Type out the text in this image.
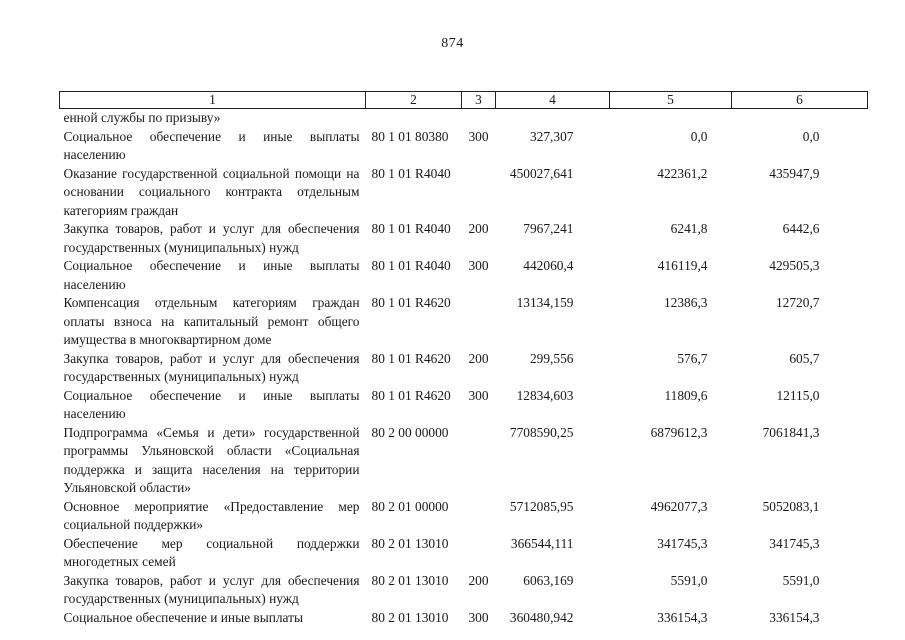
874
1	2	3	4	5	6
енной службы по призыву»					
Социальное обеспечение и иные выплаты населению	80 1 01 80380	300	327,307	0,0	0,0
Оказание государственной социальной помощи на основании социального контракта отдельным категориям граждан	80 1 01 R4040		450027,641	422361,2	435947,9
Закупка товаров, работ и услуг для обеспечения государственных (муниципальных) нужд	80 1 01 R4040	200	7967,241	6241,8	6442,6
Социальное обеспечение и иные выплаты населению	80 1 01 R4040	300	442060,4	416119,4	429505,3
Компенсация отдельным категориям граждан оплаты взноса на капитальный ремонт общего имущества в многоквартирном доме	80 1 01 R4620		13134,159	12386,3	12720,7
Закупка товаров, работ и услуг для обеспечения государственных (муниципальных) нужд	80 1 01 R4620	200	299,556	576,7	605,7
Социальное обеспечение и иные выплаты населению	80 1 01 R4620	300	12834,603	11809,6	12115,0
Подпрограмма «Семья и дети» государственной программы Ульяновской области «Социальная поддержка и защита населения на территории Ульяновской области»	80 2 00 00000		7708590,25	6879612,3	7061841,3
Основное мероприятие «Предоставление мер социальной поддержки»	80 2 01 00000		5712085,95	4962077,3	5052083,1
Обеспечение мер социальной поддержки многодетных семей	80 2 01 13010		366544,111	341745,3	341745,3
Закупка товаров, работ и услуг для обеспечения государственных (муниципальных) нужд	80 2 01 13010	200	6063,169	5591,0	5591,0
Социальное обеспечение и иные выплаты	80 2 01 13010	300	360480,942	336154,3	336154,3
